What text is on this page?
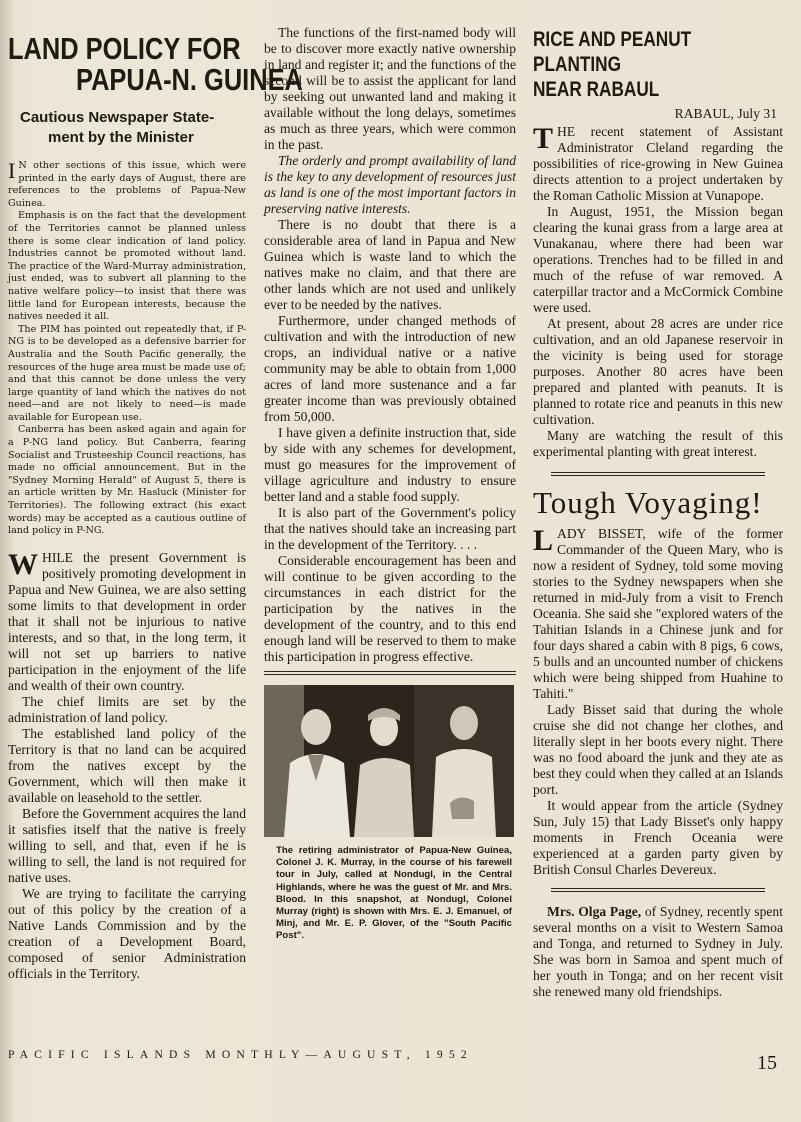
LAND POLICY FOR
PAPUA-N. GUINEA
Cautious Newspaper State-
ment by the Minister

I N other sections of this issue, which were printed in the early days of August, there are references to the problems of Papua-New Guinea.

Emphasis is on the fact that the development of the Territories cannot be planned unless there is some clear indication of land policy. Industries cannot be promoted without land. The practice of the Ward-Murray administration, just ended, was to subvert all planning to the native welfare policy—to insist that there was little land for European interests, because the natives needed it all.

The PIM has pointed out repeatedly that, if P-NG is to be developed as a defensive barrier for Australia and the South Pacific generally, the resources of the huge area must be made use of; and that this cannot be done unless the very large quantity of land which the natives do not need—and are not likely to need—is made available for European use.

Canberra has been asked again and again for a P-NG land policy. But Canberra, fearing Socialist and Trusteeship Council reactions, has made no official announcement. But in the "Sydney Morning Herald" of August 5, there is an article written by Mr. Hasluck (Minister for Territories). The following extract (his exact words) may be accepted as a cautious outline of land policy in P-NG.

WHILE the present Government is positively promoting development in Papua and New Guinea, we are also setting some limits to that development in order that it shall not be injurious to native interests, and so that, in the long term, it will not set up barriers to native participation in the enjoyment of the life and wealth of their own country.

The chief limits are set by the administration of land policy.

The established land policy of the Territory is that no land can be acquired from the natives except by the Government, which will then make it available on leasehold to the settler.

Before the Government acquires the land it satisfies itself that the native is freely willing to sell, and that, even if he is willing to sell, the land is not required for native uses.

We are trying to facilitate the carrying out of this policy by the creation of a Native Lands Commission and by the creation of a Development Board, composed of senior Administration officials in the Territory.

The functions of the first-named body will be to discover more exactly native ownership in land and register it; and the functions of the second will be to assist the applicant for land by seeking out unwanted land and making it available without the long delays, sometimes as much as three years, which were common in the past.

The orderly and prompt availability of land is the key to any development of resources just as land is one of the most important factors in preserving native interests.

There is no doubt that there is a considerable area of land in Papua and New Guinea which is waste land to which the natives make no claim, and that there are other lands which are not used and unlikely ever to be needed by the natives.

Furthermore, under changed methods of cultivation and with the introduction of new crops, an individual native or a native community may be able to obtain from 1,000 acres of land more sustenance and a far greater income than was previously obtained from 50,000.

I have given a definite instruction that, side by side with any schemes for development, must go measures for the improvement of village agriculture and industry to ensure better land and a stable food supply.

It is also part of the Government's policy that the natives should take an increasing part in the development of the Territory. . . .

Considerable encouragement has been and will continue to be given according to the circumstances in each district for the participation by the natives in the development of the country, and to this end enough land will be reserved to them to make this participation in progress effective.

The retiring administrator of Papua-New Guinea, Colonel J. K. Murray, in the course of his farewell tour in July, called at Nondugl, in the Central Highlands, where he was the guest of Mr. and Mrs. Blood. In this snapshot, at Nondugl, Colonel Murray (right) is shown with Mrs. E. J. Emanuel, of Minj, and Mr. E. P. Glover, of the "South Pacific Post".
RICE AND PEANUT
PLANTING
NEAR RABAUL
RABAUL, July 31

THE recent statement of Assistant Administrator Cleland regarding the possibilities of rice-growing in New Guinea directs attention to a project undertaken by the Roman Catholic Mission at Vunapope.

In August, 1951, the Mission began clearing the kunai grass from a large area at Vunakanau, where there had been war operations. Trenches had to be filled in and much of the refuse of war removed. A caterpillar tractor and a McCormick Combine were used.

At present, about 28 acres are under rice cultivation, and an old Japanese reservoir in the vicinity is being used for storage purposes. Another 80 acres have been prepared and planted with peanuts. It is planned to rotate rice and peanuts in this new cultivation.

Many are watching the result of this experimental planting with great interest.

Tough Voyaging!

LADY BISSET, wife of the former Commander of the Queen Mary, who is now a resident of Sydney, told some moving stories to the Sydney newspapers when she returned in mid-July from a visit to French Oceania. She said she "explored waters of the Tahitian Islands in a Chinese junk and for four days shared a cabin with 8 pigs, 6 cows, 5 bulls and an uncounted number of chickens which were being shipped from Huahine to Tahiti."

Lady Bisset said that during the whole cruise she did not change her clothes, and literally slept in her boots every night. There was no food aboard the junk and they ate as best they could when they called at an Islands port.

It would appear from the article (Sydney Sun, July 15) that Lady Bisset's only happy moments in French Oceania were experienced at a garden party given by British Consul Charles Devereux.

Mrs. Olga Page, of Sydney, recently spent several months on a visit to Western Samoa and Tonga, and returned to Sydney in July. She was born in Samoa and spent much of her youth in Tonga; and on her recent visit she renewed many old friendships.

PACIFIC ISLANDS MONTHLY—AUGUST, 1952	15
